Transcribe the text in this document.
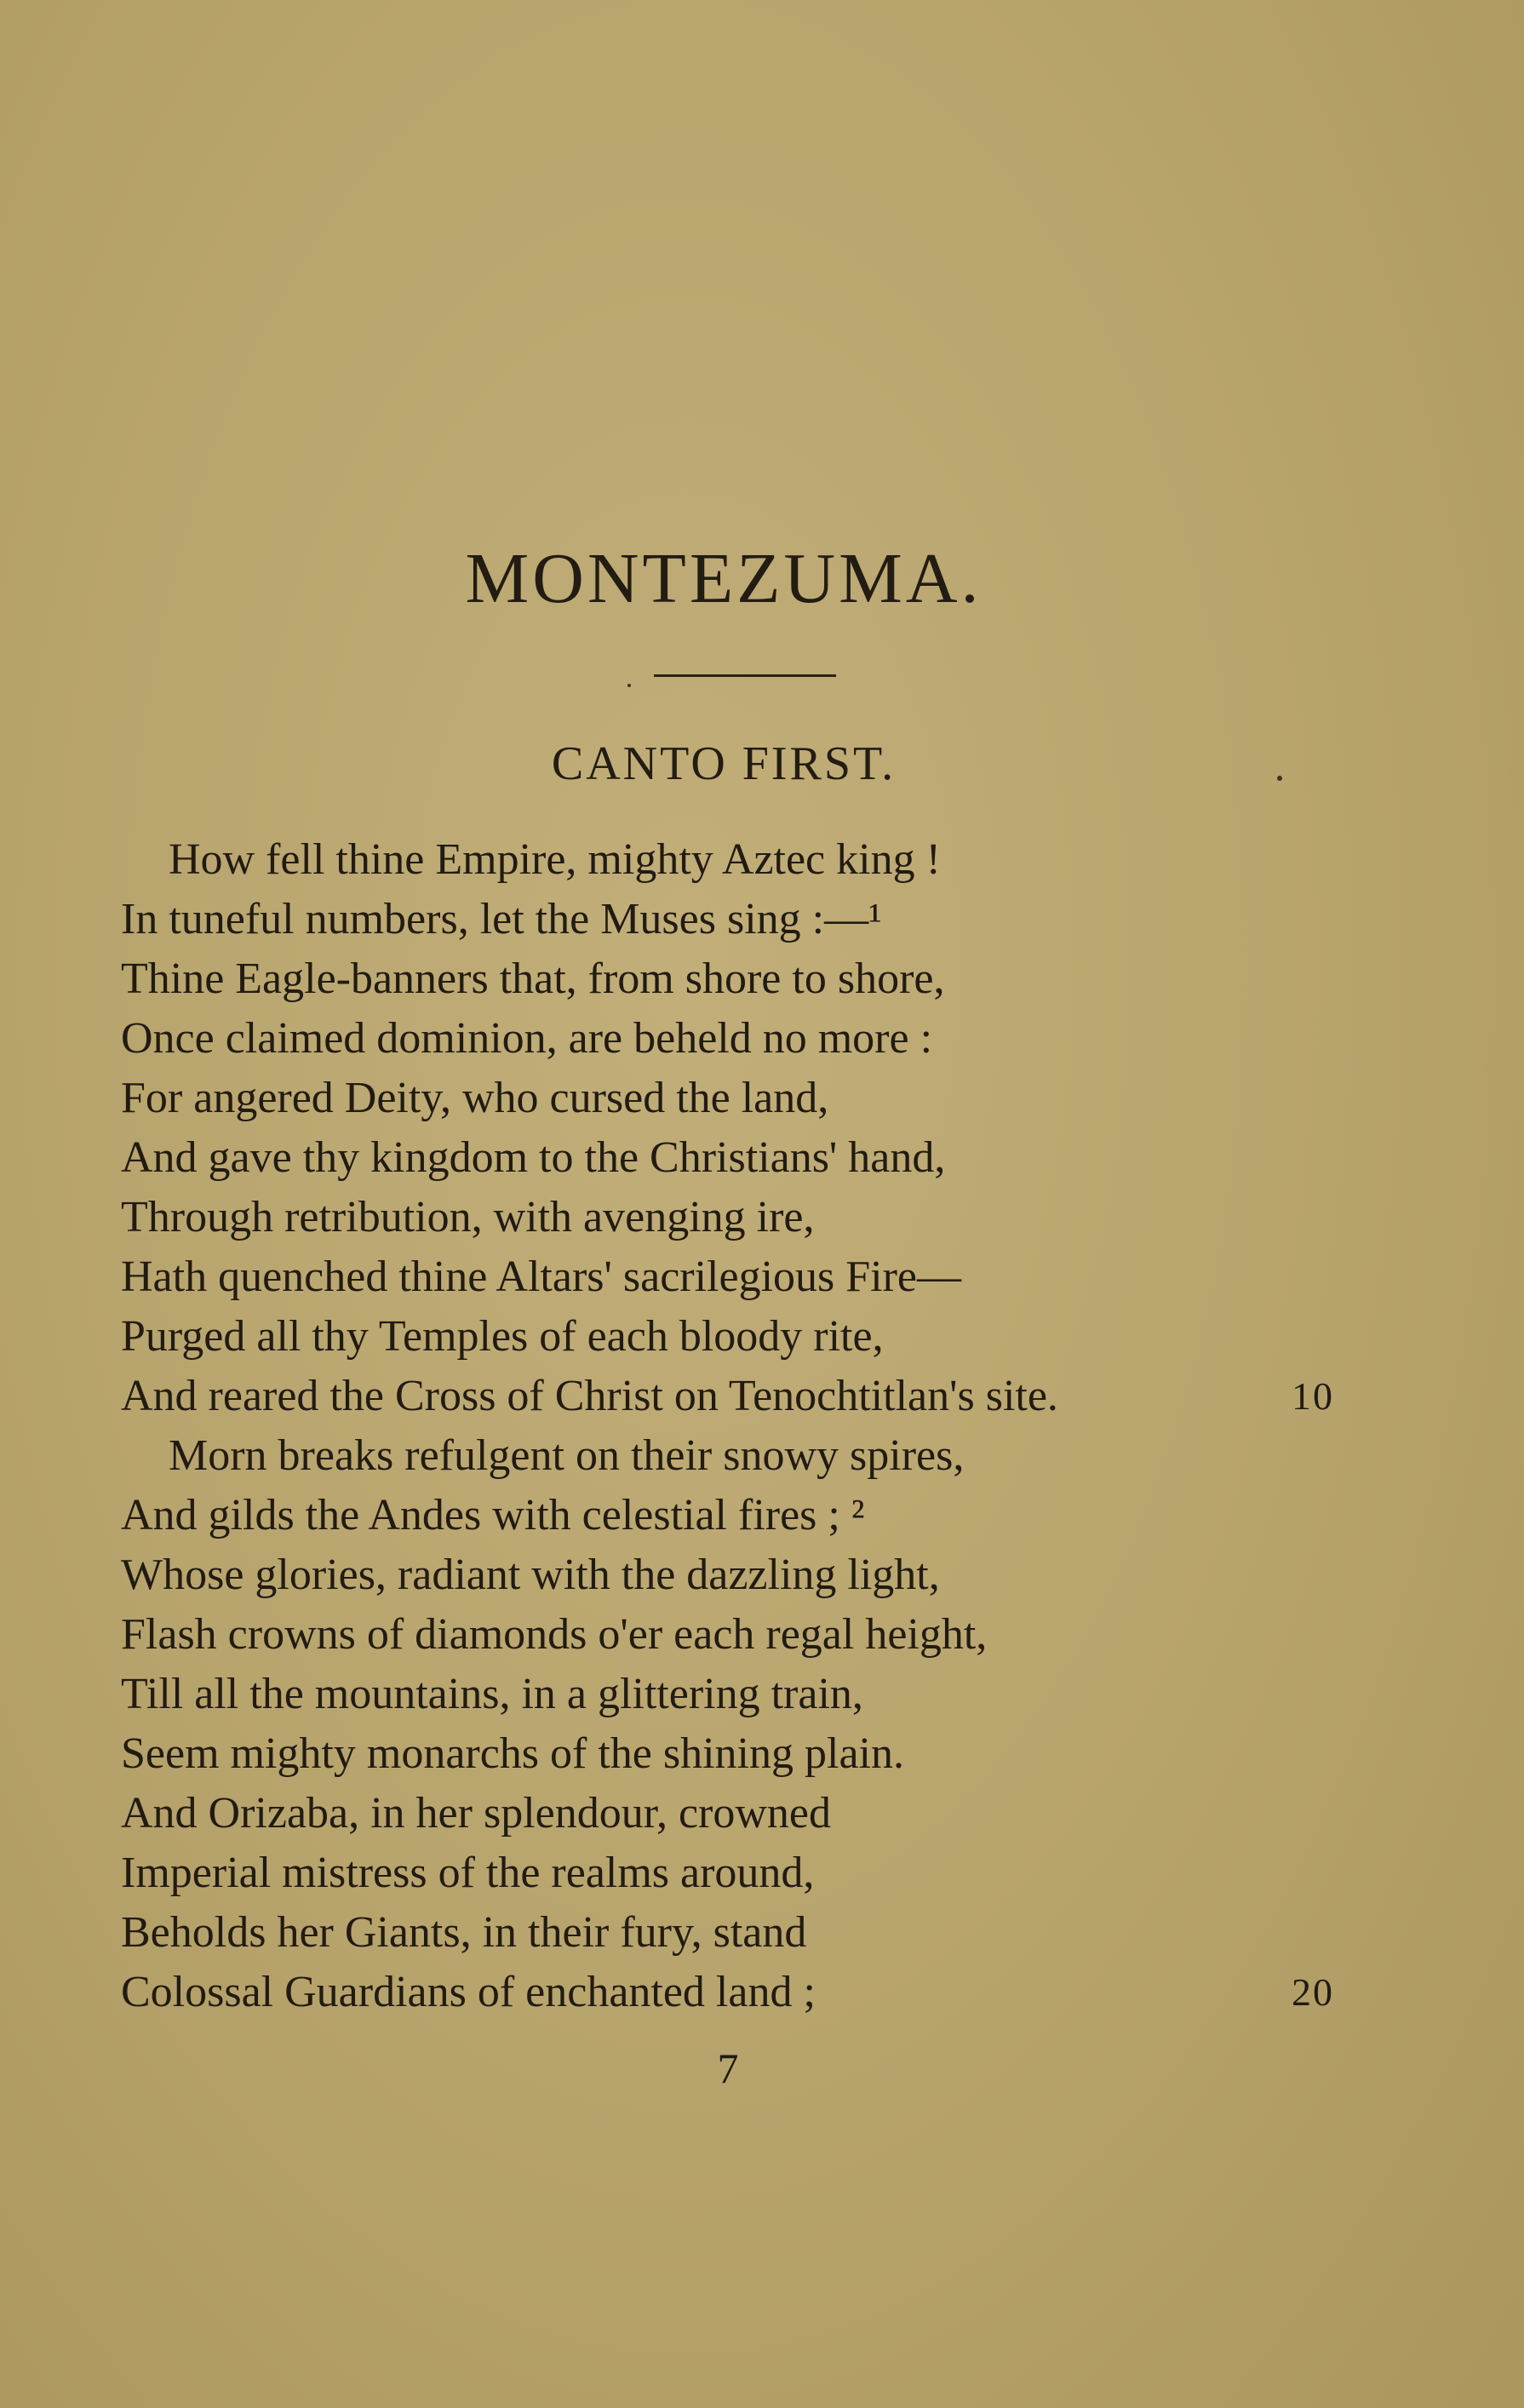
MONTEZUMA.
CANTO FIRST.
How fell thine Empire, mighty Aztec king !
In tuneful numbers, let the Muses sing :—¹
Thine Eagle-banners that, from shore to shore,
Once claimed dominion, are beheld no more :
For angered Deity, who cursed the land,
And gave thy kingdom to the Christians' hand,
Through retribution, with avenging ire,
Hath quenched thine Altars' sacrilegious Fire—
Purged all thy Temples of each bloody rite,
And reared the Cross of Christ on Tenochtitlan's site.	10
Morn breaks refulgent on their snowy spires,
And gilds the Andes with celestial fires ; ²
Whose glories, radiant with the dazzling light,
Flash crowns of diamonds o'er each regal height,
Till all the mountains, in a glittering train,
Seem mighty monarchs of the shining plain.
And Orizaba, in her splendour, crowned
Imperial mistress of the realms around,
Beholds her Giants, in their fury, stand
Colossal Guardians of enchanted land ;	20
7
